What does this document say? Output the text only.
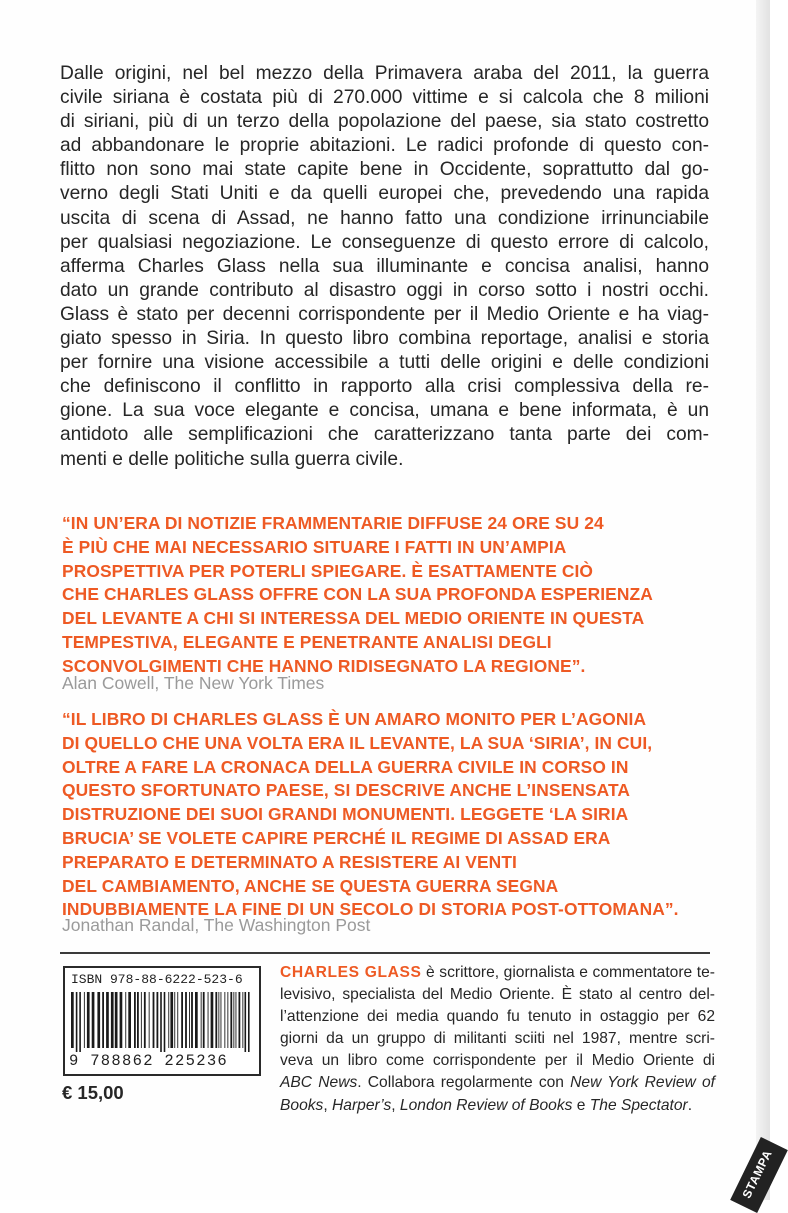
Dalle origini, nel bel mezzo della Primavera araba del 2011, la guerra
civile siriana è costata più di 270.000 vittime e si calcola che 8 milioni
di siriani, più di un terzo della popolazione del paese, sia stato costretto
ad abbandonare le proprie abitazioni. Le radici profonde di questo con-
flitto non sono mai state capite bene in Occidente, soprattutto dal go-
verno degli Stati Uniti e da quelli europei che, prevedendo una rapida
uscita di scena di Assad, ne hanno fatto una condizione irrinunciabile
per qualsiasi negoziazione. Le conseguenze di questo errore di calcolo,
afferma Charles Glass nella sua illuminante e concisa analisi, hanno
dato un grande contributo al disastro oggi in corso sotto i nostri occhi.
Glass è stato per decenni corrispondente per il Medio Oriente e ha viag-
giato spesso in Siria. In questo libro combina reportage, analisi e storia
per fornire una visione accessibile a tutti delle origini e delle condizioni
che definiscono il conflitto in rapporto alla crisi complessiva della re-
gione. La sua voce elegante e concisa, umana e bene informata, è un
antidoto alle semplificazioni che caratterizzano tanta parte dei com-
menti e delle politiche sulla guerra civile.

“IN UN’ERA DI NOTIZIE FRAMMENTARIE DIFFUSE 24 ORE SU 24
È PIÙ CHE MAI NECESSARIO SITUARE I FATTI IN UN’AMPIA
PROSPETTIVA PER POTERLI SPIEGARE. È ESATTAMENTE CIÒ
CHE CHARLES GLASS OFFRE CON LA SUA PROFONDA ESPERIENZA
DEL LEVANTE A CHI SI INTERESSA DEL MEDIO ORIENTE IN QUESTA
TEMPESTIVA, ELEGANTE E PENETRANTE ANALISI DEGLI
SCONVOLGIMENTI CHE HANNO RIDISEGNATO LA REGIONE”.

Alan Cowell, The New York Times

“IL LIBRO DI CHARLES GLASS È UN AMARO MONITO PER L’AGONIA
DI QUELLO CHE UNA VOLTA ERA IL LEVANTE, LA SUA ‘SIRIA’, IN CUI,
OLTRE A FARE LA CRONACA DELLA GUERRA CIVILE IN CORSO IN
QUESTO SFORTUNATO PAESE, SI DESCRIVE ANCHE L’INSENSATA
DISTRUZIONE DEI SUOI GRANDI MONUMENTI. LEGGETE ‘LA SIRIA
BRUCIA’ SE VOLETE CAPIRE PERCHÉ IL REGIME DI ASSAD ERA
PREPARATO E DETERMINATO A RESISTERE AI VENTI
DEL CAMBIAMENTO, ANCHE SE QUESTA GUERRA SEGNA
INDUBBIAMENTE LA FINE DI UN SECOLO DI STORIA POST-OTTOMANA”.

Jonathan Randal, The Washington Post
ISBN 978-88-6222-523-6
9 788862 225236
€ 15,00

CHARLES GLASS è scrittore, giornalista e commentatore te-
levisivo, specialista del Medio Oriente. È stato al centro del-
l’attenzione dei media quando fu tenuto in ostaggio per 62
giorni da un gruppo di militanti sciiti nel 1987, mentre scri-
veva un libro come corrispondente per il Medio Oriente di
ABC News. Collabora regolarmente con New York Review of
Books, Harper’s, London Review of Books e The Spectator.

STAMPA
